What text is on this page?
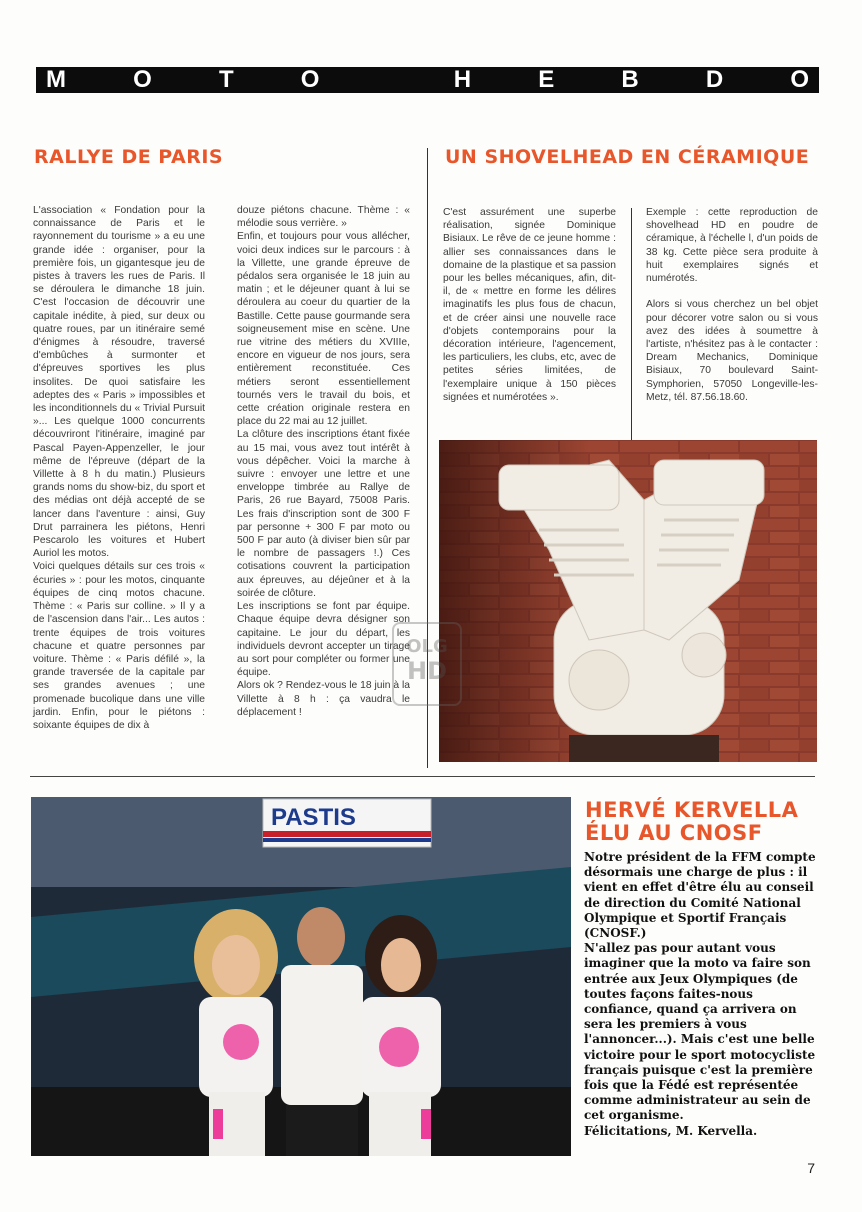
M	O	T	O	H	E	B	D	O
RALLYE DE PARIS

L'association « Fondation pour la connaissance de Paris et le rayonnement du tourisme » a eu une grande idée : organiser, pour la première fois, un gigantesque jeu de pistes à travers les rues de Paris. Il se déroulera le dimanche 18 juin. C'est l'occasion de découvrir une capitale inédite, à pied, sur deux ou quatre roues, par un itinéraire semé d'énigmes à résoudre, traversé d'embûches à surmonter et d'épreuves sportives les plus insolites. De quoi satisfaire les adeptes des « Paris » impossibles et les inconditionnels du « Trivial Pursuit »... Les quelque 1000 concurrents découvriront l'itinéraire, imaginé par Pascal Payen-Appenzeller, le jour même de l'épreuve (départ de la Villette à 8 h du matin.) Plusieurs grands noms du show-biz, du sport et des médias ont déjà accepté de se lancer dans l'aventure : ainsi, Guy Drut parrainera les piétons, Henri Pescarolo les voitures et Hubert Auriol les motos.
Voici quelques détails sur ces trois « écuries » : pour les motos, cinquante équipes de cinq motos chacune. Thème : « Paris sur colline. » Il y a de l'ascension dans l'air... Les autos : trente équipes de trois voitures chacune et quatre personnes par voiture. Thème : « Paris défilé », la grande traversée de la capitale par ses grandes avenues ; une promenade bucolique dans une ville jardin. Enfin, pour le piétons : soixante équipes de dix à

douze piétons chacune. Thème : « mélodie sous verrière. »
Enfin, et toujours pour vous allécher, voici deux indices sur le parcours : à la Villette, une grande épreuve de pédalos sera organisée le 18 juin au matin ; et le déjeuner quant à lui se déroulera au coeur du quartier de la Bastille. Cette pause gourmande sera soigneusement mise en scène. Une rue vitrine des métiers du XVIIIe, encore en vigueur de nos jours, sera entièrement reconstituée. Ces métiers seront essentiellement tournés vers le travail du bois, et cette création originale restera en place du 22 mai au 12 juillet.
La clôture des inscriptions étant fixée au 15 mai, vous avez tout intérêt à vous dépêcher. Voici la marche à suivre : envoyer une lettre et une enveloppe timbrée au Rallye de Paris, 26 rue Bayard, 75008 Paris. Les frais d'inscription sont de 300 F par personne + 300 F par moto ou 500 F par auto (à diviser bien sûr par le nombre de passagers !.) Ces cotisations couvrent la participation aux épreuves, au déjeûner et à la soirée de clôture.
Les inscriptions se font par équipe. Chaque équipe devra désigner son capitaine. Le jour du départ, les individuels devront accepter un tirage au sort pour compléter ou former une équipe.
Alors ok ? Rendez-vous le 18 juin à la Villette à 8 h : ça vaudra le déplacement !

UN SHOVELHEAD EN CÉRAMIQUE

C'est assurément une superbe réalisation, signée Dominique Bisiaux. Le rêve de ce jeune homme : allier ses connaissances dans le domaine de la plastique et sa passion pour les belles mécaniques, afin, dit-il, de « mettre en forme les délires imaginatifs les plus fous de chacun, et de créer ainsi une nouvelle race d'objets contemporains pour la décoration intérieure, l'agencement, les particuliers, les clubs, etc, avec de petites séries limitées, de l'exemplaire unique à 150 pièces signées et numérotées ».

Exemple : cette reproduction de shovelhead HD en poudre de céramique, à l'échelle l, d'un poids de 38 kg. Cette pièce sera produite à huit exemplaires signés et numérotés.

Alors si vous cherchez un bel objet pour décorer votre salon ou si vous avez des idées à soumettre à l'artiste, n'hésitez pas à le contacter : Dream Mechanics, Dominique Bisiaux, 70 boulevard Saint-Symphorien, 57050 Longeville-les-Metz, tél. 87.56.18.60.

OLG
HD
PASTIS	HERVÉ KERVELLA
ÉLU AU CNOSF

Notre président de la FFM compte désormais une charge de plus : il vient en effet d'être élu au conseil de direction du Comité National Olympique et Sportif Français (CNOSF.)
N'allez pas pour autant vous imaginer que la moto va faire son entrée aux Jeux Olympiques (de toutes façons faites-nous confiance, quand ça arrivera on sera les premiers à vous l'annoncer...). Mais c'est une belle victoire pour le sport motocycliste français puisque c'est la première fois que la Fédé est représentée comme administrateur au sein de cet organisme.
Félicitations, M. Kervella.

7
